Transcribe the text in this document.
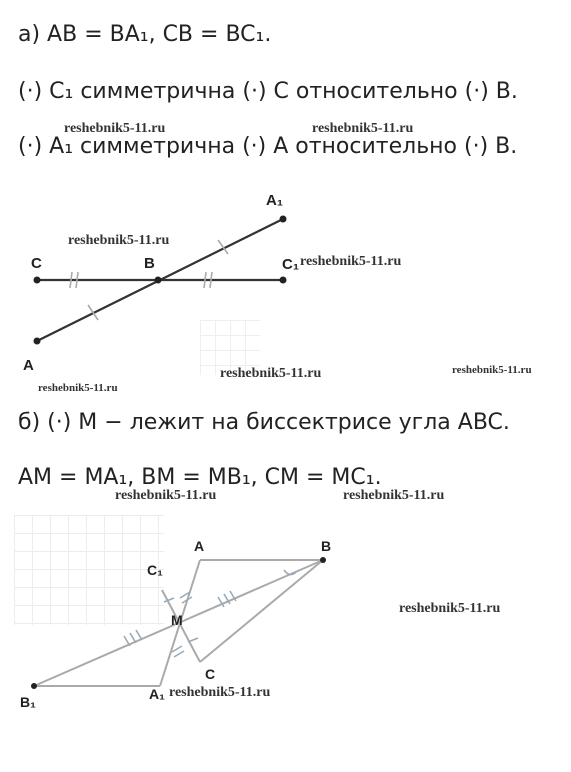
а) AB = BA₁, CB = BC₁.
(·) C₁ симметрична (·) C относительно (·) B.
(·) A₁ симметрична (·) A относительно (·) B.
б) (·) M − лежит на биссектрисе угла ABC.
AM = MA₁, BM = MB₁, CM = MC₁.
A₁
C	B	C₁
A
A	B
C₁
M
C
B₁	A₁
reshebnik5-11.ru	reshebnik5-11.ru
reshebnik5-11.ru
reshebnik5-11.ru
reshebnik5-11.ru
reshebnik5-11.ru	reshebnik5-11.ru
reshebnik5-11.ru	reshebnik5-11.ru
reshebnik5-11.ru
reshebnik5-11.ru
